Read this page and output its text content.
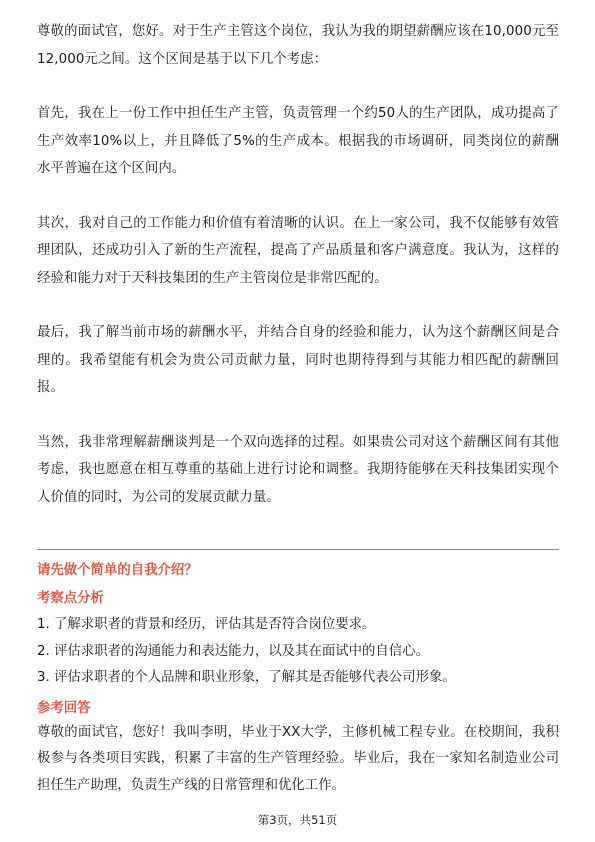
尊敬的面试官，您好。对于生产主管这个岗位，我认为我的期望薪酬应该在10,000元至12,000元之间。这个区间是基于以下几个考虑：

首先，我在上一份工作中担任生产主管，负责管理一个约50人的生产团队，成功提高了生产效率10%以上，并且降低了5%的生产成本。根据我的市场调研，同类岗位的薪酬水平普遍在这个区间内。

其次，我对自己的工作能力和价值有着清晰的认识。在上一家公司，我不仅能够有效管理团队，还成功引入了新的生产流程，提高了产品质量和客户满意度。我认为，这样的经验和能力对于天科技集团的生产主管岗位是非常匹配的。

最后，我了解当前市场的薪酬水平，并结合自身的经验和能力，认为这个薪酬区间是合理的。我希望能有机会为贵公司贡献力量，同时也期待得到与其能力相匹配的薪酬回报。

当然，我非常理解薪酬谈判是一个双向选择的过程。如果贵公司对这个薪酬区间有其他考虑，我也愿意在相互尊重的基础上进行讨论和调整。我期待能够在天科技集团实现个人价值的同时，为公司的发展贡献力量。

请先做个简单的自我介绍？

考察点分析

1. 了解求职者的背景和经历，评估其是否符合岗位要求。

2. 评估求职者的沟通能力和表达能力，以及其在面试中的自信心。

3. 评估求职者的个人品牌和职业形象，了解其是否能够代表公司形象。

参考回答

尊敬的面试官，您好！我叫李明，毕业于XX大学，主修机械工程专业。在校期间，我积极参与各类项目实践，积累了丰富的生产管理经验。毕业后，我在一家知名制造业公司担任生产助理，负责生产线的日常管理和优化工作。

第3页，共51页
